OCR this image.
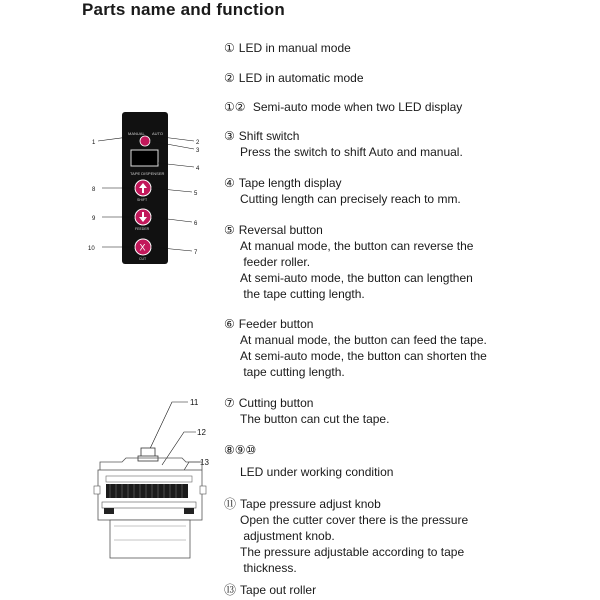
Parts name and function
① LED in manual mode
② LED in automatic mode
①② Semi-auto mode when two LED display
③ Shift switch
Press the switch to shift Auto and manual.
④ Tape length display
Cutting length can precisely reach to mm.
⑤ Reversal button
At manual mode, the button can reverse the
feeder roller.
At semi-auto mode, the button can lengthen
the tape cutting length.
⑥ Feeder button
At manual mode, the button can feed the tape.
At semi-auto mode, the button can shorten the
tape cutting length.
⑦ Cutting button
The button can cut the tape.
⑧⑨⑩
LED under working condition
⑪ Tape pressure adjust knob
Open the cutter cover there is the pressure
adjustment knob.
The pressure adjustable according to tape
thickness.
⑬ Tape out roller
MANUAL AUTO
TAPE DISPENSER
SHIFT
FEEDER
X
CUT
1
8
9
10
2
3
4
5
6
7
11
12
13
